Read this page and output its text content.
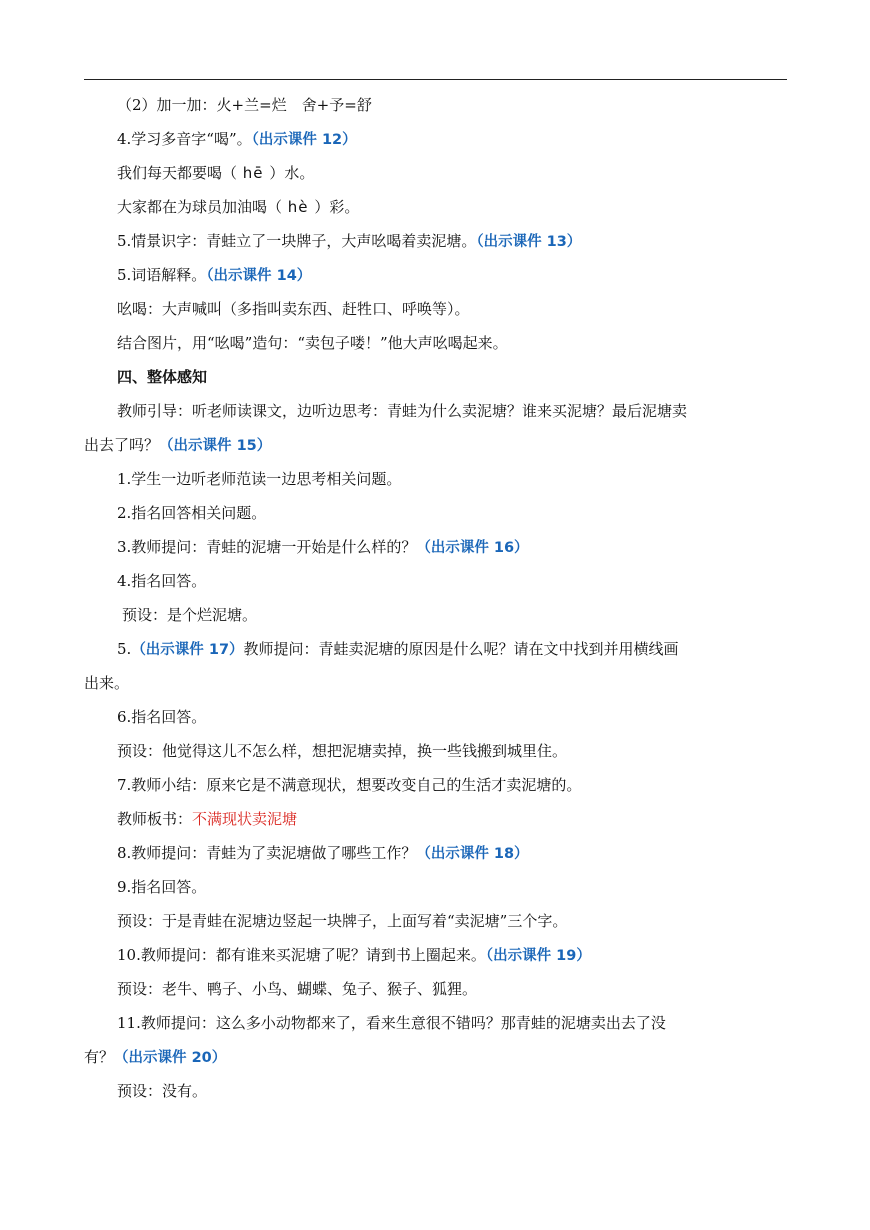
（2）加一加：火+兰=烂　舍+予=舒
4.学习多音字“喝”。（出示课件 12）
我们每天都要喝（ hē ）水。
大家都在为球员加油喝（ hè ）彩。
5.情景识字：青蛙立了一块牌子，大声吆喝着卖泥塘。（出示课件 13）
5.词语解释。（出示课件 14）
吆喝：大声喊叫（多指叫卖东西、赶牲口、呼唤等）。
结合图片，用“吆喝”造句：“卖包子喽！”他大声吆喝起来。
四、整体感知
教师引导：听老师读课文，边听边思考：青蛙为什么卖泥塘？谁来买泥塘？最后泥塘卖
出去了吗？（出示课件 15）
1.学生一边听老师范读一边思考相关问题。
2.指名回答相关问题。
3.教师提问：青蛙的泥塘一开始是什么样的？（出示课件 16）
4.指名回答。
预设：是个烂泥塘。
5.（出示课件 17）教师提问：青蛙卖泥塘的原因是什么呢？请在文中找到并用横线画
出来。
6.指名回答。
预设：他觉得这儿不怎么样，想把泥塘卖掉，换一些钱搬到城里住。
7.教师小结：原来它是不满意现状，想要改变自己的生活才卖泥塘的。
教师板书：不满现状卖泥塘
8.教师提问：青蛙为了卖泥塘做了哪些工作？（出示课件 18）
9.指名回答。
预设：于是青蛙在泥塘边竖起一块牌子，上面写着“卖泥塘”三个字。
10.教师提问：都有谁来买泥塘了呢？请到书上圈起来。（出示课件 19）
预设：老牛、鸭子、小鸟、蝴蝶、兔子、猴子、狐狸。
11.教师提问：这么多小动物都来了，看来生意很不错吗？那青蛙的泥塘卖出去了没
有？（出示课件 20）
预设：没有。
